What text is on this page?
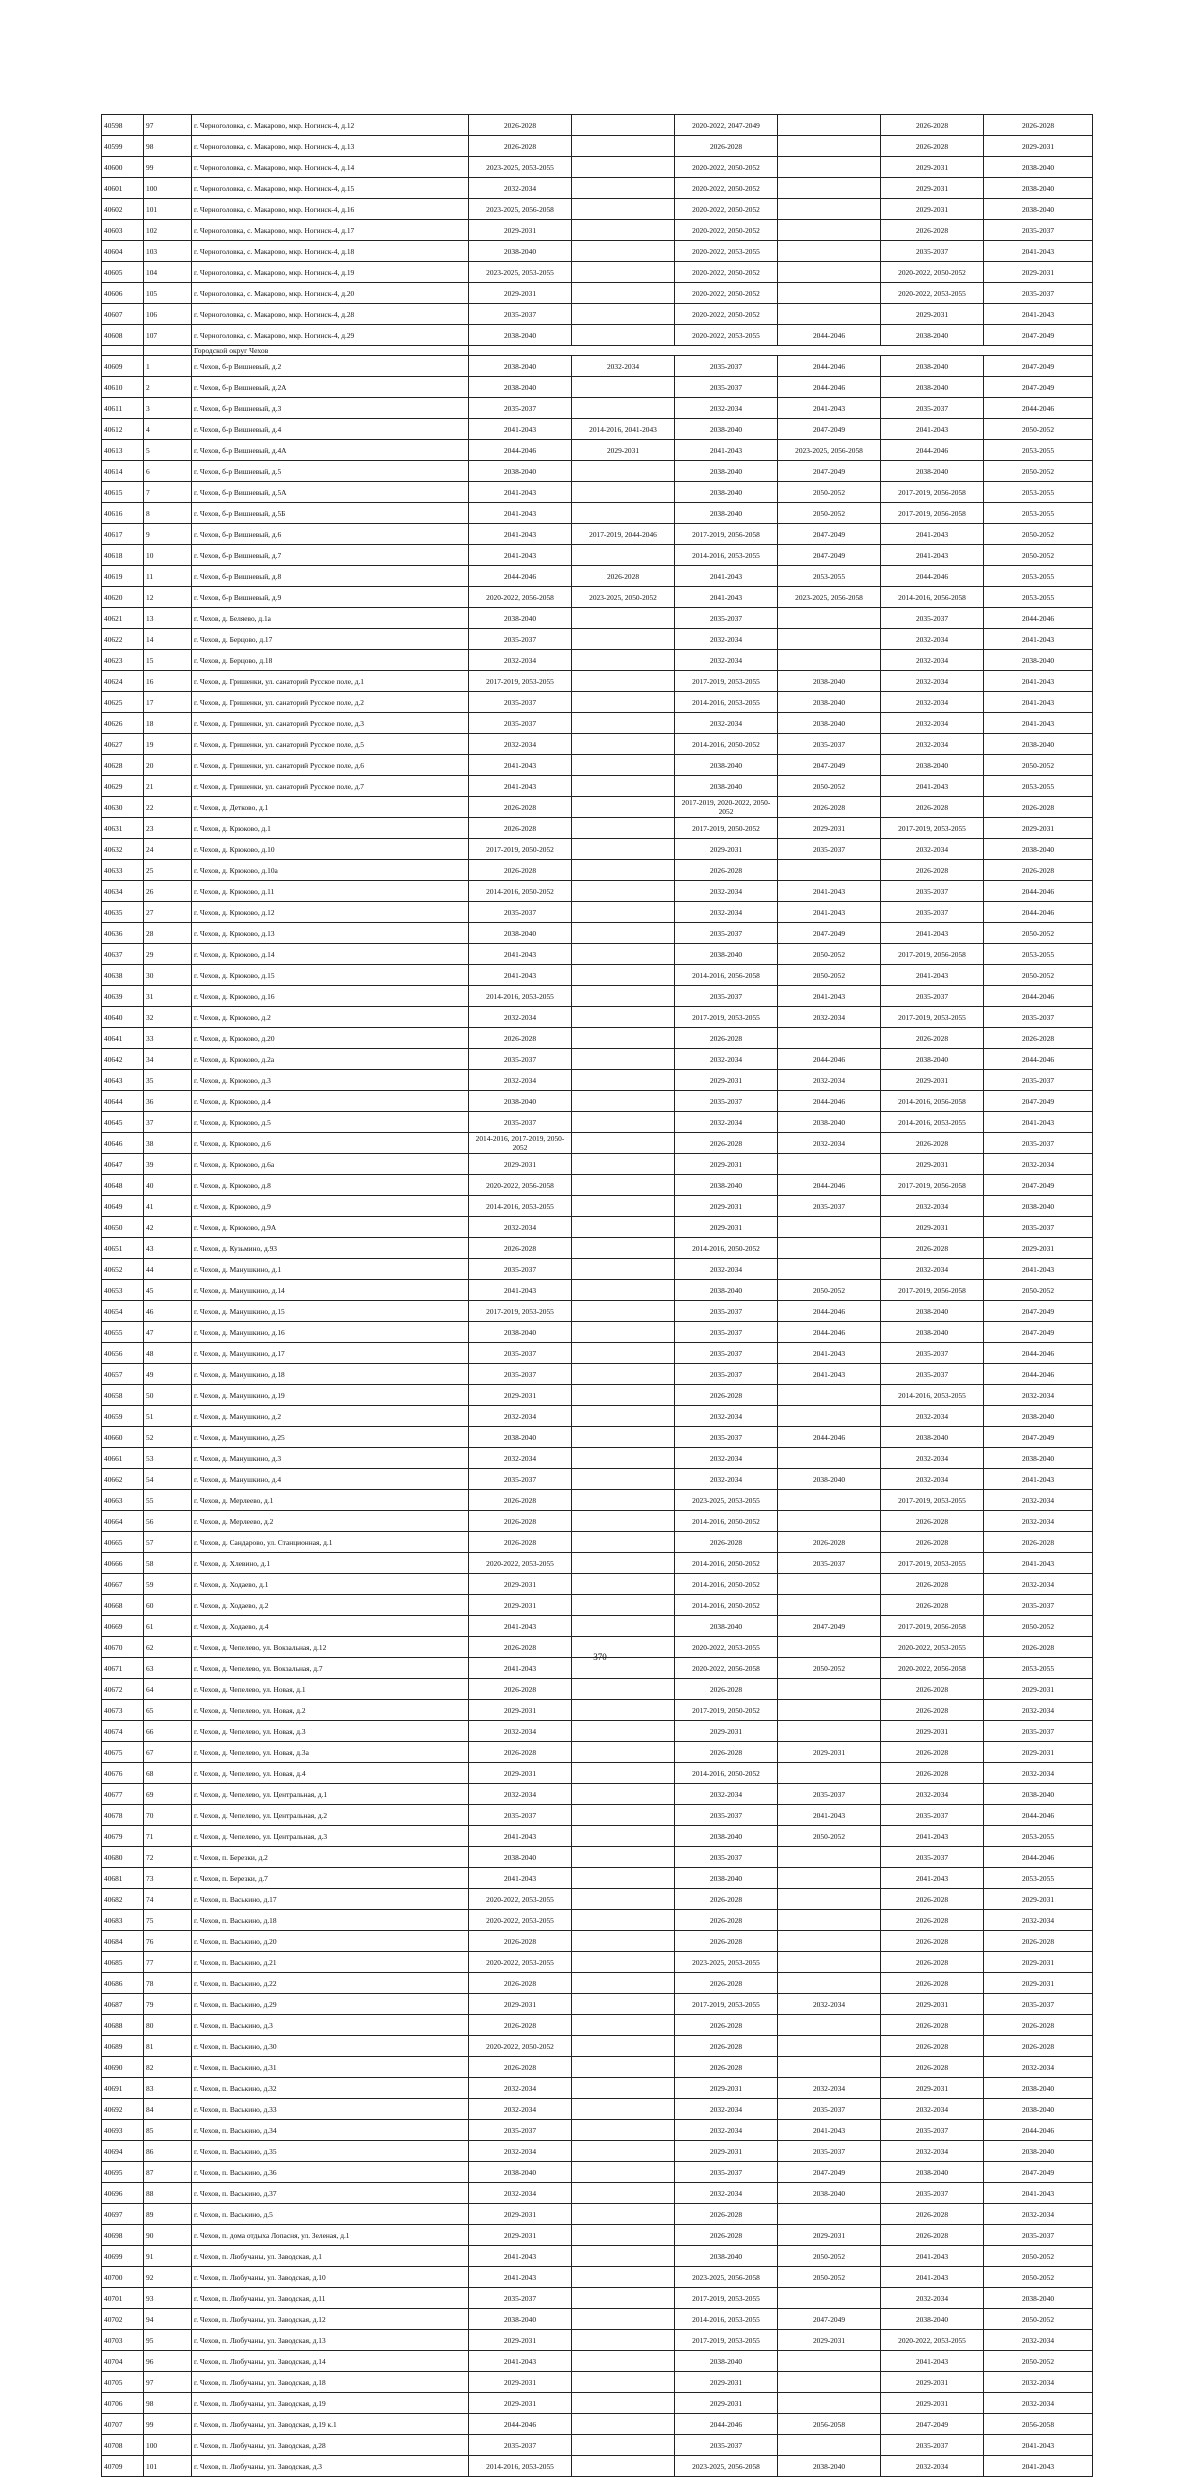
40598	97	г. Черноголовка, с. Макарово, мкр. Ногинск-4, д.12	2026-2028		2020-2022, 2047-2049		2026-2028	2026-2028
40599	98	г. Черноголовка, с. Макарово, мкр. Ногинск-4, д.13	2026-2028		2026-2028		2026-2028	2029-2031
40600	99	г. Черноголовка, с. Макарово, мкр. Ногинск-4, д.14	2023-2025, 2053-2055		2020-2022, 2050-2052		2029-2031	2038-2040
40601	100	г. Черноголовка, с. Макарово, мкр. Ногинск-4, д.15	2032-2034		2020-2022, 2050-2052		2029-2031	2038-2040
40602	101	г. Черноголовка, с. Макарово, мкр. Ногинск-4, д.16	2023-2025, 2056-2058		2020-2022, 2050-2052		2029-2031	2038-2040
40603	102	г. Черноголовка, с. Макарово, мкр. Ногинск-4, д.17	2029-2031		2020-2022, 2050-2052		2026-2028	2035-2037
40604	103	г. Черноголовка, с. Макарово, мкр. Ногинск-4, д.18	2038-2040		2020-2022, 2053-2055		2035-2037	2041-2043
40605	104	г. Черноголовка, с. Макарово, мкр. Ногинск-4, д.19	2023-2025, 2053-2055		2020-2022, 2050-2052		2020-2022, 2050-2052	2029-2031
40606	105	г. Черноголовка, с. Макарово, мкр. Ногинск-4, д.20	2029-2031		2020-2022, 2050-2052		2020-2022, 2053-2055	2035-2037
40607	106	г. Черноголовка, с. Макарово, мкр. Ногинск-4, д.28	2035-2037		2020-2022, 2050-2052		2029-2031	2041-2043
40608	107	г. Черноголовка, с. Макарово, мкр. Ногинск-4, д.29	2038-2040		2020-2022, 2053-2055	2044-2046	2038-2040	2047-2049
		Городской округ Чехов						
40609	1	г. Чехов, б-р Вишневый, д.2	2038-2040	2032-2034	2035-2037	2044-2046	2038-2040	2047-2049
40610	2	г. Чехов, б-р Вишневый, д.2А	2038-2040		2035-2037	2044-2046	2038-2040	2047-2049
40611	3	г. Чехов, б-р Вишневый, д.3	2035-2037		2032-2034	2041-2043	2035-2037	2044-2046
40612	4	г. Чехов, б-р Вишневый, д.4	2041-2043	2014-2016, 2041-2043	2038-2040	2047-2049	2041-2043	2050-2052
40613	5	г. Чехов, б-р Вишневый, д.4А	2044-2046	2029-2031	2041-2043	2023-2025, 2056-2058	2044-2046	2053-2055
40614	6	г. Чехов, б-р Вишневый, д.5	2038-2040		2038-2040	2047-2049	2038-2040	2050-2052
40615	7	г. Чехов, б-р Вишневый, д.5А	2041-2043		2038-2040	2050-2052	2017-2019, 2056-2058	2053-2055
40616	8	г. Чехов, б-р Вишневый, д.5Б	2041-2043		2038-2040	2050-2052	2017-2019, 2056-2058	2053-2055
40617	9	г. Чехов, б-р Вишневый, д.6	2041-2043	2017-2019, 2044-2046	2017-2019, 2056-2058	2047-2049	2041-2043	2050-2052
40618	10	г. Чехов, б-р Вишневый, д.7	2041-2043		2014-2016, 2053-2055	2047-2049	2041-2043	2050-2052
40619	11	г. Чехов, б-р Вишневый, д.8	2044-2046	2026-2028	2041-2043	2053-2055	2044-2046	2053-2055
40620	12	г. Чехов, б-р Вишневый, д.9	2020-2022, 2056-2058	2023-2025, 2050-2052	2041-2043	2023-2025, 2056-2058	2014-2016, 2056-2058	2053-2055
40621	13	г. Чехов, д. Беляево, д.1а	2038-2040		2035-2037		2035-2037	2044-2046
40622	14	г. Чехов, д. Берцово, д.17	2035-2037		2032-2034		2032-2034	2041-2043
40623	15	г. Чехов, д. Берцово, д.18	2032-2034		2032-2034		2032-2034	2038-2040
40624	16	г. Чехов, д. Гришенки, ул. санаторий Русское поле, д.1	2017-2019, 2053-2055		2017-2019, 2053-2055	2038-2040	2032-2034	2041-2043
40625	17	г. Чехов, д. Гришенки, ул. санаторий Русское поле, д.2	2035-2037		2014-2016, 2053-2055	2038-2040	2032-2034	2041-2043
40626	18	г. Чехов, д. Гришенки, ул. санаторий Русское поле, д.3	2035-2037		2032-2034	2038-2040	2032-2034	2041-2043
40627	19	г. Чехов, д. Гришенки, ул. санаторий Русское поле, д.5	2032-2034		2014-2016, 2050-2052	2035-2037	2032-2034	2038-2040
40628	20	г. Чехов, д. Гришенки, ул. санаторий Русское поле, д.6	2041-2043		2038-2040	2047-2049	2038-2040	2050-2052
40629	21	г. Чехов, д. Гришенки, ул. санаторий Русское поле, д.7	2041-2043		2038-2040	2050-2052	2041-2043	2053-2055
40630	22	г. Чехов, д. Детково, д.1	2026-2028		2017-2019, 2020-2022, 2050-2052	2026-2028	2026-2028	2026-2028
40631	23	г. Чехов, д. Крюково, д.1	2026-2028		2017-2019, 2050-2052	2029-2031	2017-2019, 2053-2055	2029-2031
40632	24	г. Чехов, д. Крюково, д.10	2017-2019, 2050-2052		2029-2031	2035-2037	2032-2034	2038-2040
40633	25	г. Чехов, д. Крюково, д.10а	2026-2028		2026-2028		2026-2028	2026-2028
40634	26	г. Чехов, д. Крюково, д.11	2014-2016, 2050-2052		2032-2034	2041-2043	2035-2037	2044-2046
40635	27	г. Чехов, д. Крюково, д.12	2035-2037		2032-2034	2041-2043	2035-2037	2044-2046
40636	28	г. Чехов, д. Крюково, д.13	2038-2040		2035-2037	2047-2049	2041-2043	2050-2052
40637	29	г. Чехов, д. Крюково, д.14	2041-2043		2038-2040	2050-2052	2017-2019, 2056-2058	2053-2055
40638	30	г. Чехов, д. Крюково, д.15	2041-2043		2014-2016, 2056-2058	2050-2052	2041-2043	2050-2052
40639	31	г. Чехов, д. Крюково, д.16	2014-2016, 2053-2055		2035-2037	2041-2043	2035-2037	2044-2046
40640	32	г. Чехов, д. Крюково, д.2	2032-2034		2017-2019, 2053-2055	2032-2034	2017-2019, 2053-2055	2035-2037
40641	33	г. Чехов, д. Крюково, д.20	2026-2028		2026-2028		2026-2028	2026-2028
40642	34	г. Чехов, д. Крюково, д.2а	2035-2037		2032-2034	2044-2046	2038-2040	2044-2046
40643	35	г. Чехов, д. Крюково, д.3	2032-2034		2029-2031	2032-2034	2029-2031	2035-2037
40644	36	г. Чехов, д. Крюково, д.4	2038-2040		2035-2037	2044-2046	2014-2016, 2056-2058	2047-2049
40645	37	г. Чехов, д. Крюково, д.5	2035-2037		2032-2034	2038-2040	2014-2016, 2053-2055	2041-2043
40646	38	г. Чехов, д. Крюково, д.6	2014-2016, 2017-2019, 2050-2052		2026-2028	2032-2034	2026-2028	2035-2037
40647	39	г. Чехов, д. Крюково, д.6а	2029-2031		2029-2031		2029-2031	2032-2034
40648	40	г. Чехов, д. Крюково, д.8	2020-2022, 2056-2058		2038-2040	2044-2046	2017-2019, 2056-2058	2047-2049
40649	41	г. Чехов, д. Крюково, д.9	2014-2016, 2053-2055		2029-2031	2035-2037	2032-2034	2038-2040
40650	42	г. Чехов, д. Крюково, д.9А	2032-2034		2029-2031		2029-2031	2035-2037
40651	43	г. Чехов, д. Кузьмино, д.93	2026-2028		2014-2016, 2050-2052		2026-2028	2029-2031
40652	44	г. Чехов, д. Манушкино, д.1	2035-2037		2032-2034		2032-2034	2041-2043
40653	45	г. Чехов, д. Манушкино, д.14	2041-2043		2038-2040	2050-2052	2017-2019, 2056-2058	2050-2052
40654	46	г. Чехов, д. Манушкино, д.15	2017-2019, 2053-2055		2035-2037	2044-2046	2038-2040	2047-2049
40655	47	г. Чехов, д. Манушкино, д.16	2038-2040		2035-2037	2044-2046	2038-2040	2047-2049
40656	48	г. Чехов, д. Манушкино, д.17	2035-2037		2035-2037	2041-2043	2035-2037	2044-2046
40657	49	г. Чехов, д. Манушкино, д.18	2035-2037		2035-2037	2041-2043	2035-2037	2044-2046
40658	50	г. Чехов, д. Манушкино, д.19	2029-2031		2026-2028		2014-2016, 2053-2055	2032-2034
40659	51	г. Чехов, д. Манушкино, д.2	2032-2034		2032-2034		2032-2034	2038-2040
40660	52	г. Чехов, д. Манушкино, д.25	2038-2040		2035-2037	2044-2046	2038-2040	2047-2049
40661	53	г. Чехов, д. Манушкино, д.3	2032-2034		2032-2034		2032-2034	2038-2040
40662	54	г. Чехов, д. Манушкино, д.4	2035-2037		2032-2034	2038-2040	2032-2034	2041-2043
40663	55	г. Чехов, д. Мерлеево, д.1	2026-2028		2023-2025, 2053-2055		2017-2019, 2053-2055	2032-2034
40664	56	г. Чехов, д. Мерлеево, д.2	2026-2028		2014-2016, 2050-2052		2026-2028	2032-2034
40665	57	г. Чехов, д. Сандарово, ул. Станционная, д.1	2026-2028		2026-2028	2026-2028	2026-2028	2026-2028
40666	58	г. Чехов, д. Хлевино, д.1	2020-2022, 2053-2055		2014-2016, 2050-2052	2035-2037	2017-2019, 2053-2055	2041-2043
40667	59	г. Чехов, д. Ходаево, д.1	2029-2031		2014-2016, 2050-2052		2026-2028	2032-2034
40668	60	г. Чехов, д. Ходаево, д.2	2029-2031		2014-2016, 2050-2052		2026-2028	2035-2037
40669	61	г. Чехов, д. Ходаево, д.4	2041-2043		2038-2040	2047-2049	2017-2019, 2056-2058	2050-2052
40670	62	г. Чехов, д. Чепелево, ул. Вокзальная, д.12	2026-2028		2020-2022, 2053-2055		2020-2022, 2053-2055	2026-2028
40671	63	г. Чехов, д. Чепелево, ул. Вокзальная, д.7	2041-2043		2020-2022, 2056-2058	2050-2052	2020-2022, 2056-2058	2053-2055
40672	64	г. Чехов, д. Чепелево, ул. Новая, д.1	2026-2028		2026-2028		2026-2028	2029-2031
40673	65	г. Чехов, д. Чепелево, ул. Новая, д.2	2029-2031		2017-2019, 2050-2052		2026-2028	2032-2034
40674	66	г. Чехов, д. Чепелево, ул. Новая, д.3	2032-2034		2029-2031		2029-2031	2035-2037
40675	67	г. Чехов, д. Чепелево, ул. Новая, д.3а	2026-2028		2026-2028	2029-2031	2026-2028	2029-2031
40676	68	г. Чехов, д. Чепелево, ул. Новая, д.4	2029-2031		2014-2016, 2050-2052		2026-2028	2032-2034
40677	69	г. Чехов, д. Чепелево, ул. Центральная, д.1	2032-2034		2032-2034	2035-2037	2032-2034	2038-2040
40678	70	г. Чехов, д. Чепелево, ул. Центральная, д.2	2035-2037		2035-2037	2041-2043	2035-2037	2044-2046
40679	71	г. Чехов, д. Чепелево, ул. Центральная, д.3	2041-2043		2038-2040	2050-2052	2041-2043	2053-2055
40680	72	г. Чехов, п. Березки, д.2	2038-2040		2035-2037		2035-2037	2044-2046
40681	73	г. Чехов, п. Березки, д.7	2041-2043		2038-2040		2041-2043	2053-2055
40682	74	г. Чехов, п. Васькино, д.17	2020-2022, 2053-2055		2026-2028		2026-2028	2029-2031
40683	75	г. Чехов, п. Васькино, д.18	2020-2022, 2053-2055		2026-2028		2026-2028	2032-2034
40684	76	г. Чехов, п. Васькино, д.20	2026-2028		2026-2028		2026-2028	2026-2028
40685	77	г. Чехов, п. Васькино, д.21	2020-2022, 2053-2055		2023-2025, 2053-2055		2026-2028	2029-2031
40686	78	г. Чехов, п. Васькино, д.22	2026-2028		2026-2028		2026-2028	2029-2031
40687	79	г. Чехов, п. Васькино, д.29	2029-2031		2017-2019, 2053-2055	2032-2034	2029-2031	2035-2037
40688	80	г. Чехов, п. Васькино, д.3	2026-2028		2026-2028		2026-2028	2026-2028
40689	81	г. Чехов, п. Васькино, д.30	2020-2022, 2050-2052		2026-2028		2026-2028	2026-2028
40690	82	г. Чехов, п. Васькино, д.31	2026-2028		2026-2028		2026-2028	2032-2034
40691	83	г. Чехов, п. Васькино, д.32	2032-2034		2029-2031	2032-2034	2029-2031	2038-2040
40692	84	г. Чехов, п. Васькино, д.33	2032-2034		2032-2034	2035-2037	2032-2034	2038-2040
40693	85	г. Чехов, п. Васькино, д.34	2035-2037		2032-2034	2041-2043	2035-2037	2044-2046
40694	86	г. Чехов, п. Васькино, д.35	2032-2034		2029-2031	2035-2037	2032-2034	2038-2040
40695	87	г. Чехов, п. Васькино, д.36	2038-2040		2035-2037	2047-2049	2038-2040	2047-2049
40696	88	г. Чехов, п. Васькино, д.37	2032-2034		2032-2034	2038-2040	2035-2037	2041-2043
40697	89	г. Чехов, п. Васькино, д.5	2029-2031		2026-2028		2026-2028	2032-2034
40698	90	г. Чехов, п. дома отдыха Лопасня, ул. Зеленая, д.1	2029-2031		2026-2028	2029-2031	2026-2028	2035-2037
40699	91	г. Чехов, п. Любучаны, ул. Заводская, д.1	2041-2043		2038-2040	2050-2052	2041-2043	2050-2052
40700	92	г. Чехов, п. Любучаны, ул. Заводская, д.10	2041-2043		2023-2025, 2056-2058	2050-2052	2041-2043	2050-2052
40701	93	г. Чехов, п. Любучаны, ул. Заводская, д.11	2035-2037		2017-2019, 2053-2055		2032-2034	2038-2040
40702	94	г. Чехов, п. Любучаны, ул. Заводская, д.12	2038-2040		2014-2016, 2053-2055	2047-2049	2038-2040	2050-2052
40703	95	г. Чехов, п. Любучаны, ул. Заводская, д.13	2029-2031		2017-2019, 2053-2055	2029-2031	2020-2022, 2053-2055	2032-2034
40704	96	г. Чехов, п. Любучаны, ул. Заводская, д.14	2041-2043		2038-2040		2041-2043	2050-2052
40705	97	г. Чехов, п. Любучаны, ул. Заводская, д.18	2029-2031		2029-2031		2029-2031	2032-2034
40706	98	г. Чехов, п. Любучаны, ул. Заводская, д.19	2029-2031		2029-2031		2029-2031	2032-2034
40707	99	г. Чехов, п. Любучаны, ул. Заводская, д.19 к.1	2044-2046		2044-2046	2056-2058	2047-2049	2056-2058
40708	100	г. Чехов, п. Любучаны, ул. Заводская, д.28	2035-2037		2035-2037		2035-2037	2041-2043
40709	101	г. Чехов, п. Любучаны, ул. Заводская, д.3	2014-2016, 2053-2055		2023-2025, 2056-2058	2038-2040	2032-2034	2041-2043
370
